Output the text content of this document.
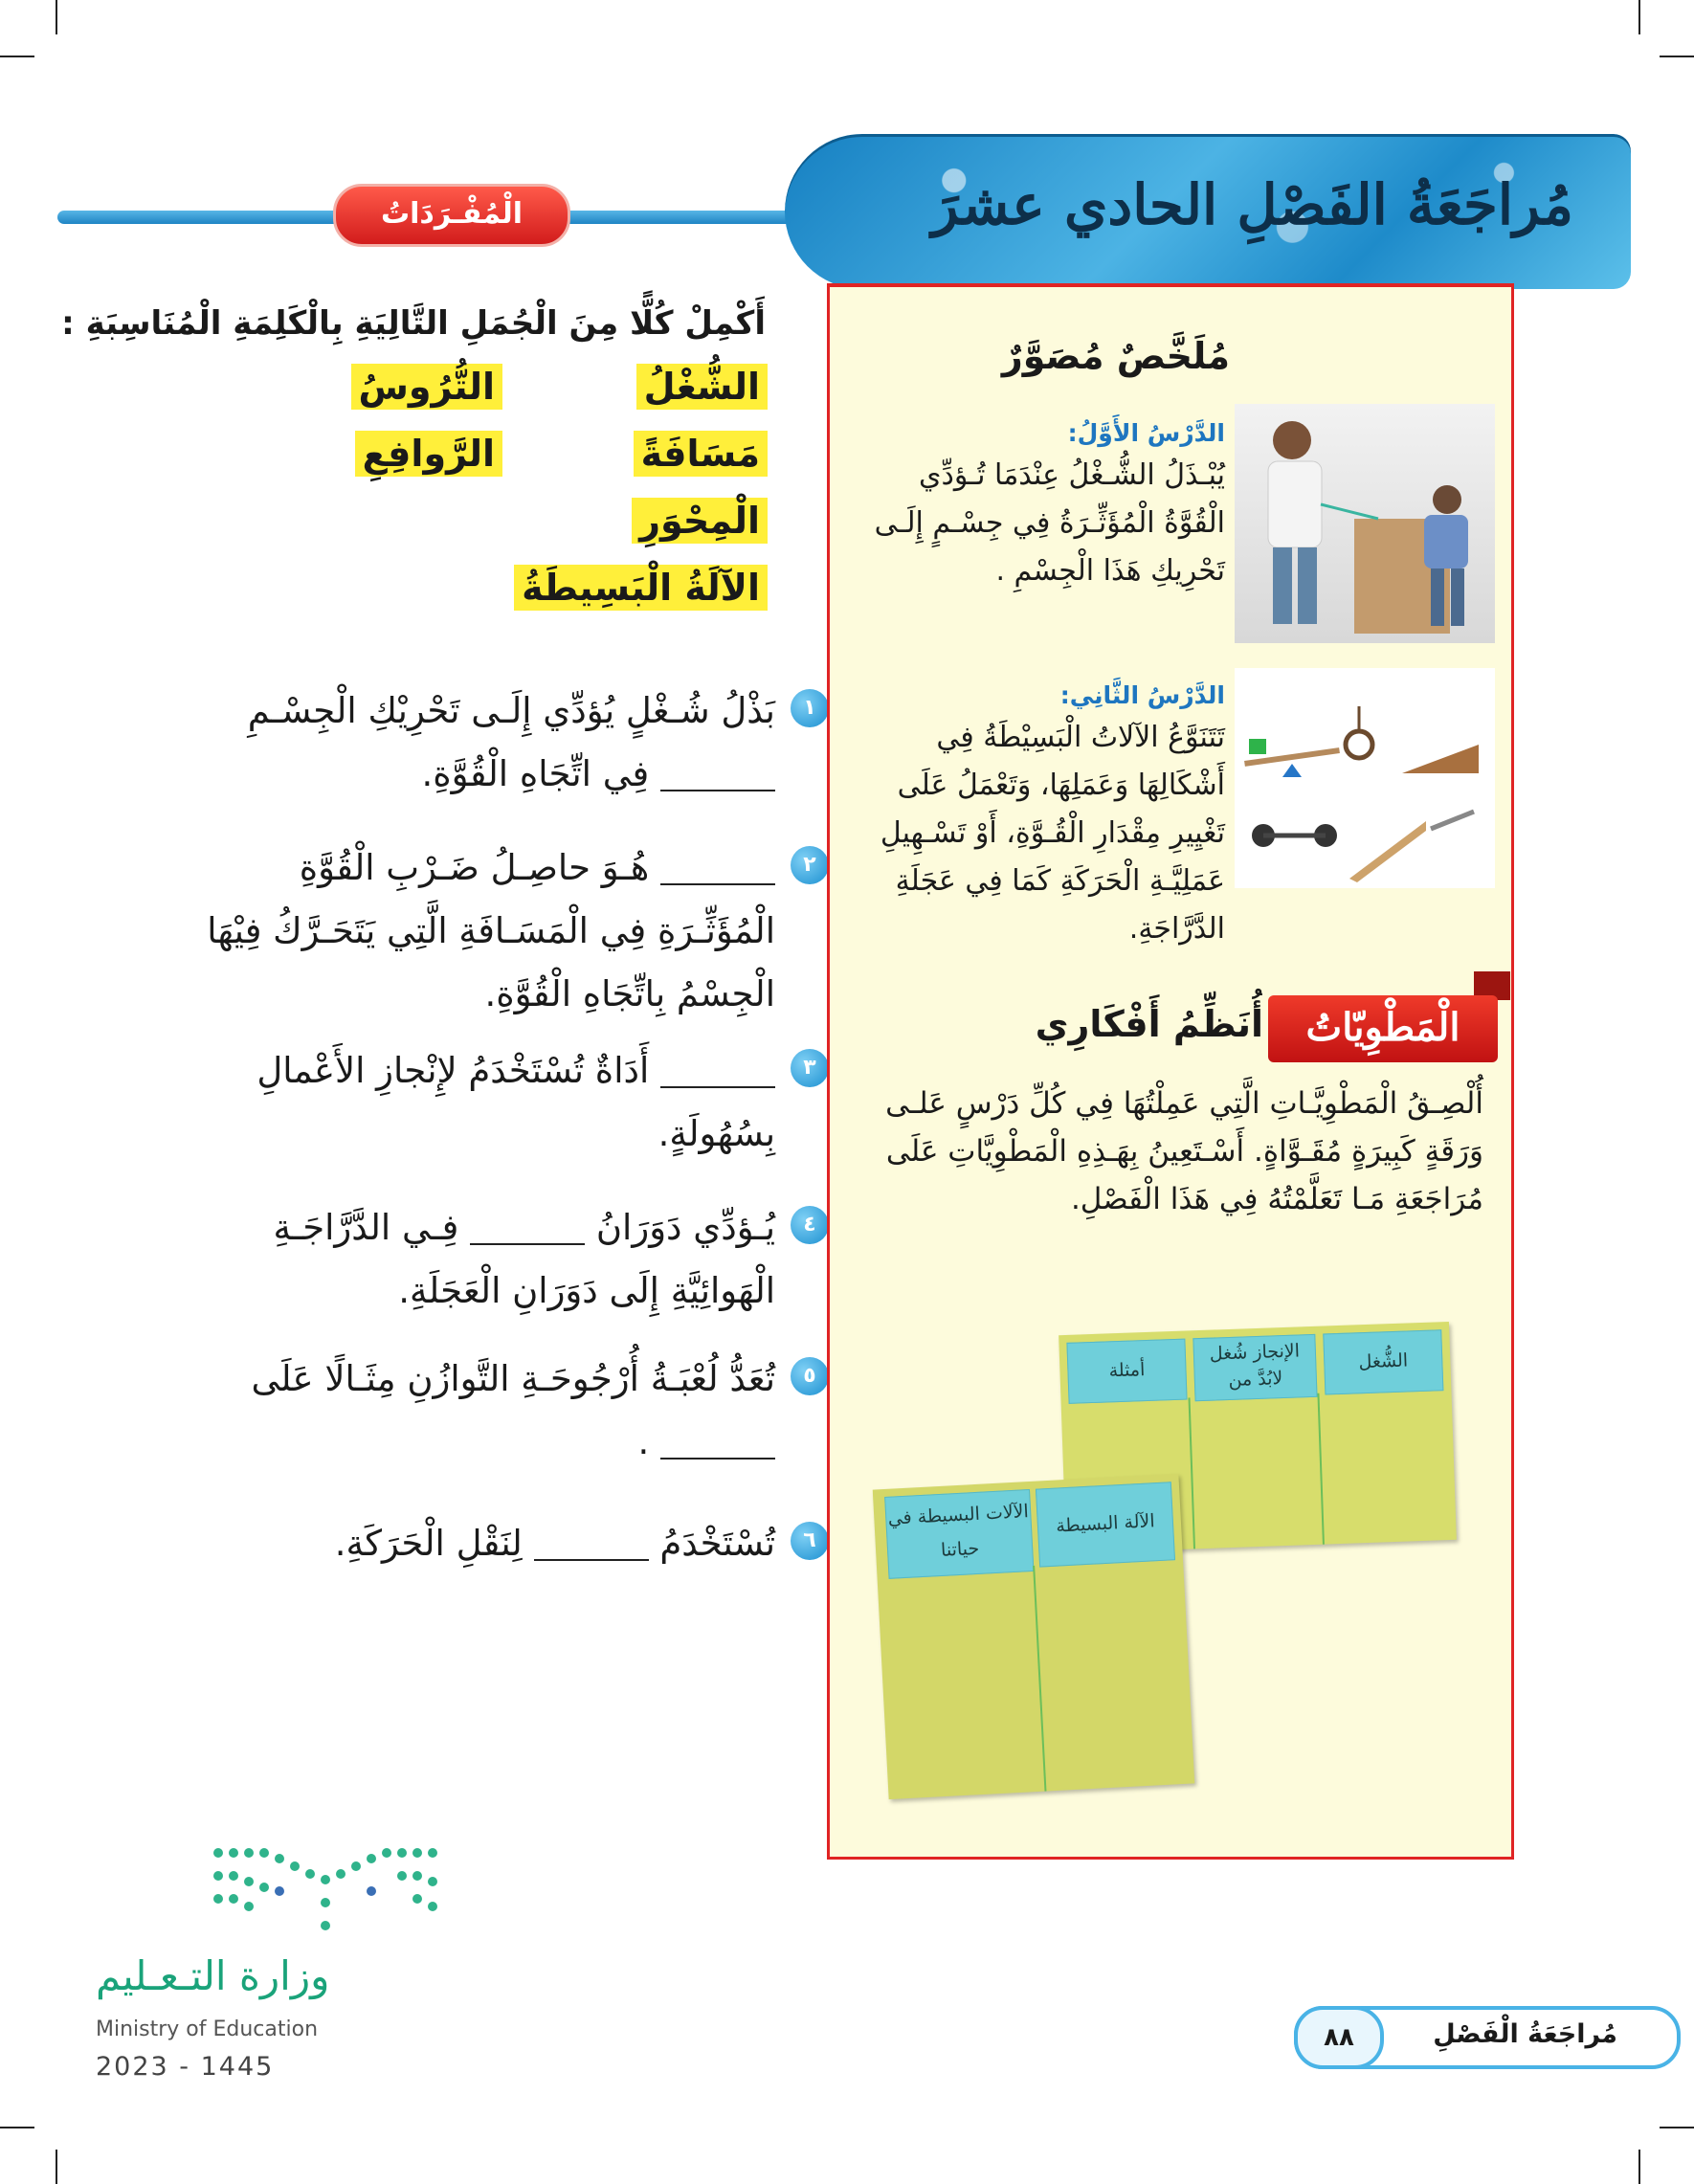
مُراجَعَةُ الفَصْلِ الحادي عشرَ
الْمُفْـرَدَاتُ
أَكْمِلْ كُلًّا مِنَ الْجُمَلِ التَّالِيَةِ بِالْكَلِمَةِ الْمُنَاسِبَةِ :
الشُّغْلُ
التُّرُوسُ
مَسَافَةً
الرَّوافِعِ
الْمِحْوَرِ
الآلَةُ الْبَسِيطَةُ
١
بَذْلُ شُـغْلٍ يُؤدِّي إِلَـى تَحْرِيْكِ الْجِسْـمِ  فِي اتِّجَاهِ الْقُوَّةِ.
٢
هُـوَ حاصِـلُ ضَـرْبِ الْقُوَّةِ الْمُؤَثِّـرَةِ فِي الْمَسَـافَةِ الَّتِي يَتَحَـرَّكُ فِيْهَا الْجِسْمُ بِاتِّجَاهِ الْقُوَّةِ.
٣
أَدَاةٌ تُسْتَخْدَمُ لإِنْجازِ الأَعْمالِ بِسُهُولَةٍ.
٤
يُـؤدِّي دَوَرَانُ  فِـي الدَّرَّاجَـةِ الْهَوائِيَّةِ إِلَى دَوَرَانِ الْعَجَلَةِ.
٥
تُعَدُّ لُعْبَـةُ أُرْجُوحَـةِ التَّوازُنِ مِثَـالًا عَلَى  .
٦
تُسْتَخْدَمُ  لِنَقْلِ الْحَرَكَةِ.
مُلَخَّصٌ مُصَوَّرٌ
الدَّرْسُ الأَوَّلُ:
يُبْـذَلُ الشُّـغْلُ عِنْدَمَا تُـؤدِّي الْقُوَّةُ الْمُؤَثِّـرَةُ فِي جِسْـمٍ إِلَـى تَحْرِيكِ هَذَا الْجِسْمِ .
الدَّرْسُ الثَّانِي:
تَتَنَوَّعُ الآلاتُ الْبَسِيْطَةُ فِي أَشْكَالِهَا وَعَمَلِهَا، وَتَعْمَلُ عَلَى تَغْيِيرِ مِقْدَارِ الْقُـوَّةِ، أَوْ تَسْـهِيلِ عَمَلِيَّـةِ الْحَرَكَةِ كَمَا فِي عَجَلَةِ الدَّرَّاجَةِ.
الْمَطْوِيّاتُ
أُنَظِّمُ أَفْكَارِي
أُلْصِـقُ الْمَطْوِيَّـاتِ الَّتِي عَمِلْتُهَا فِي كُلِّ دَرْسٍ عَلـى وَرَقَةٍ كَبِيرَةٍ مُقَـوَّاةٍ. أَسْـتَعِينُ بِهَـذِهِ الْمَطْوِيَّاتِ عَلَى مُرَاجَعَةِ مَـا تَعَلَّمْتُهُ فِي هَذَا الْفَصْلِ.
الشُّغل
الإنجاز شُغل لابُدَّ من
أمثلة
الآلة البسيطة
الآلات البسيطة في حياتنا
وزارة التـعـليم
Ministry of Education
2023 - 1445
٨٨	مُراجَعَةُ الْفَصْلِ
